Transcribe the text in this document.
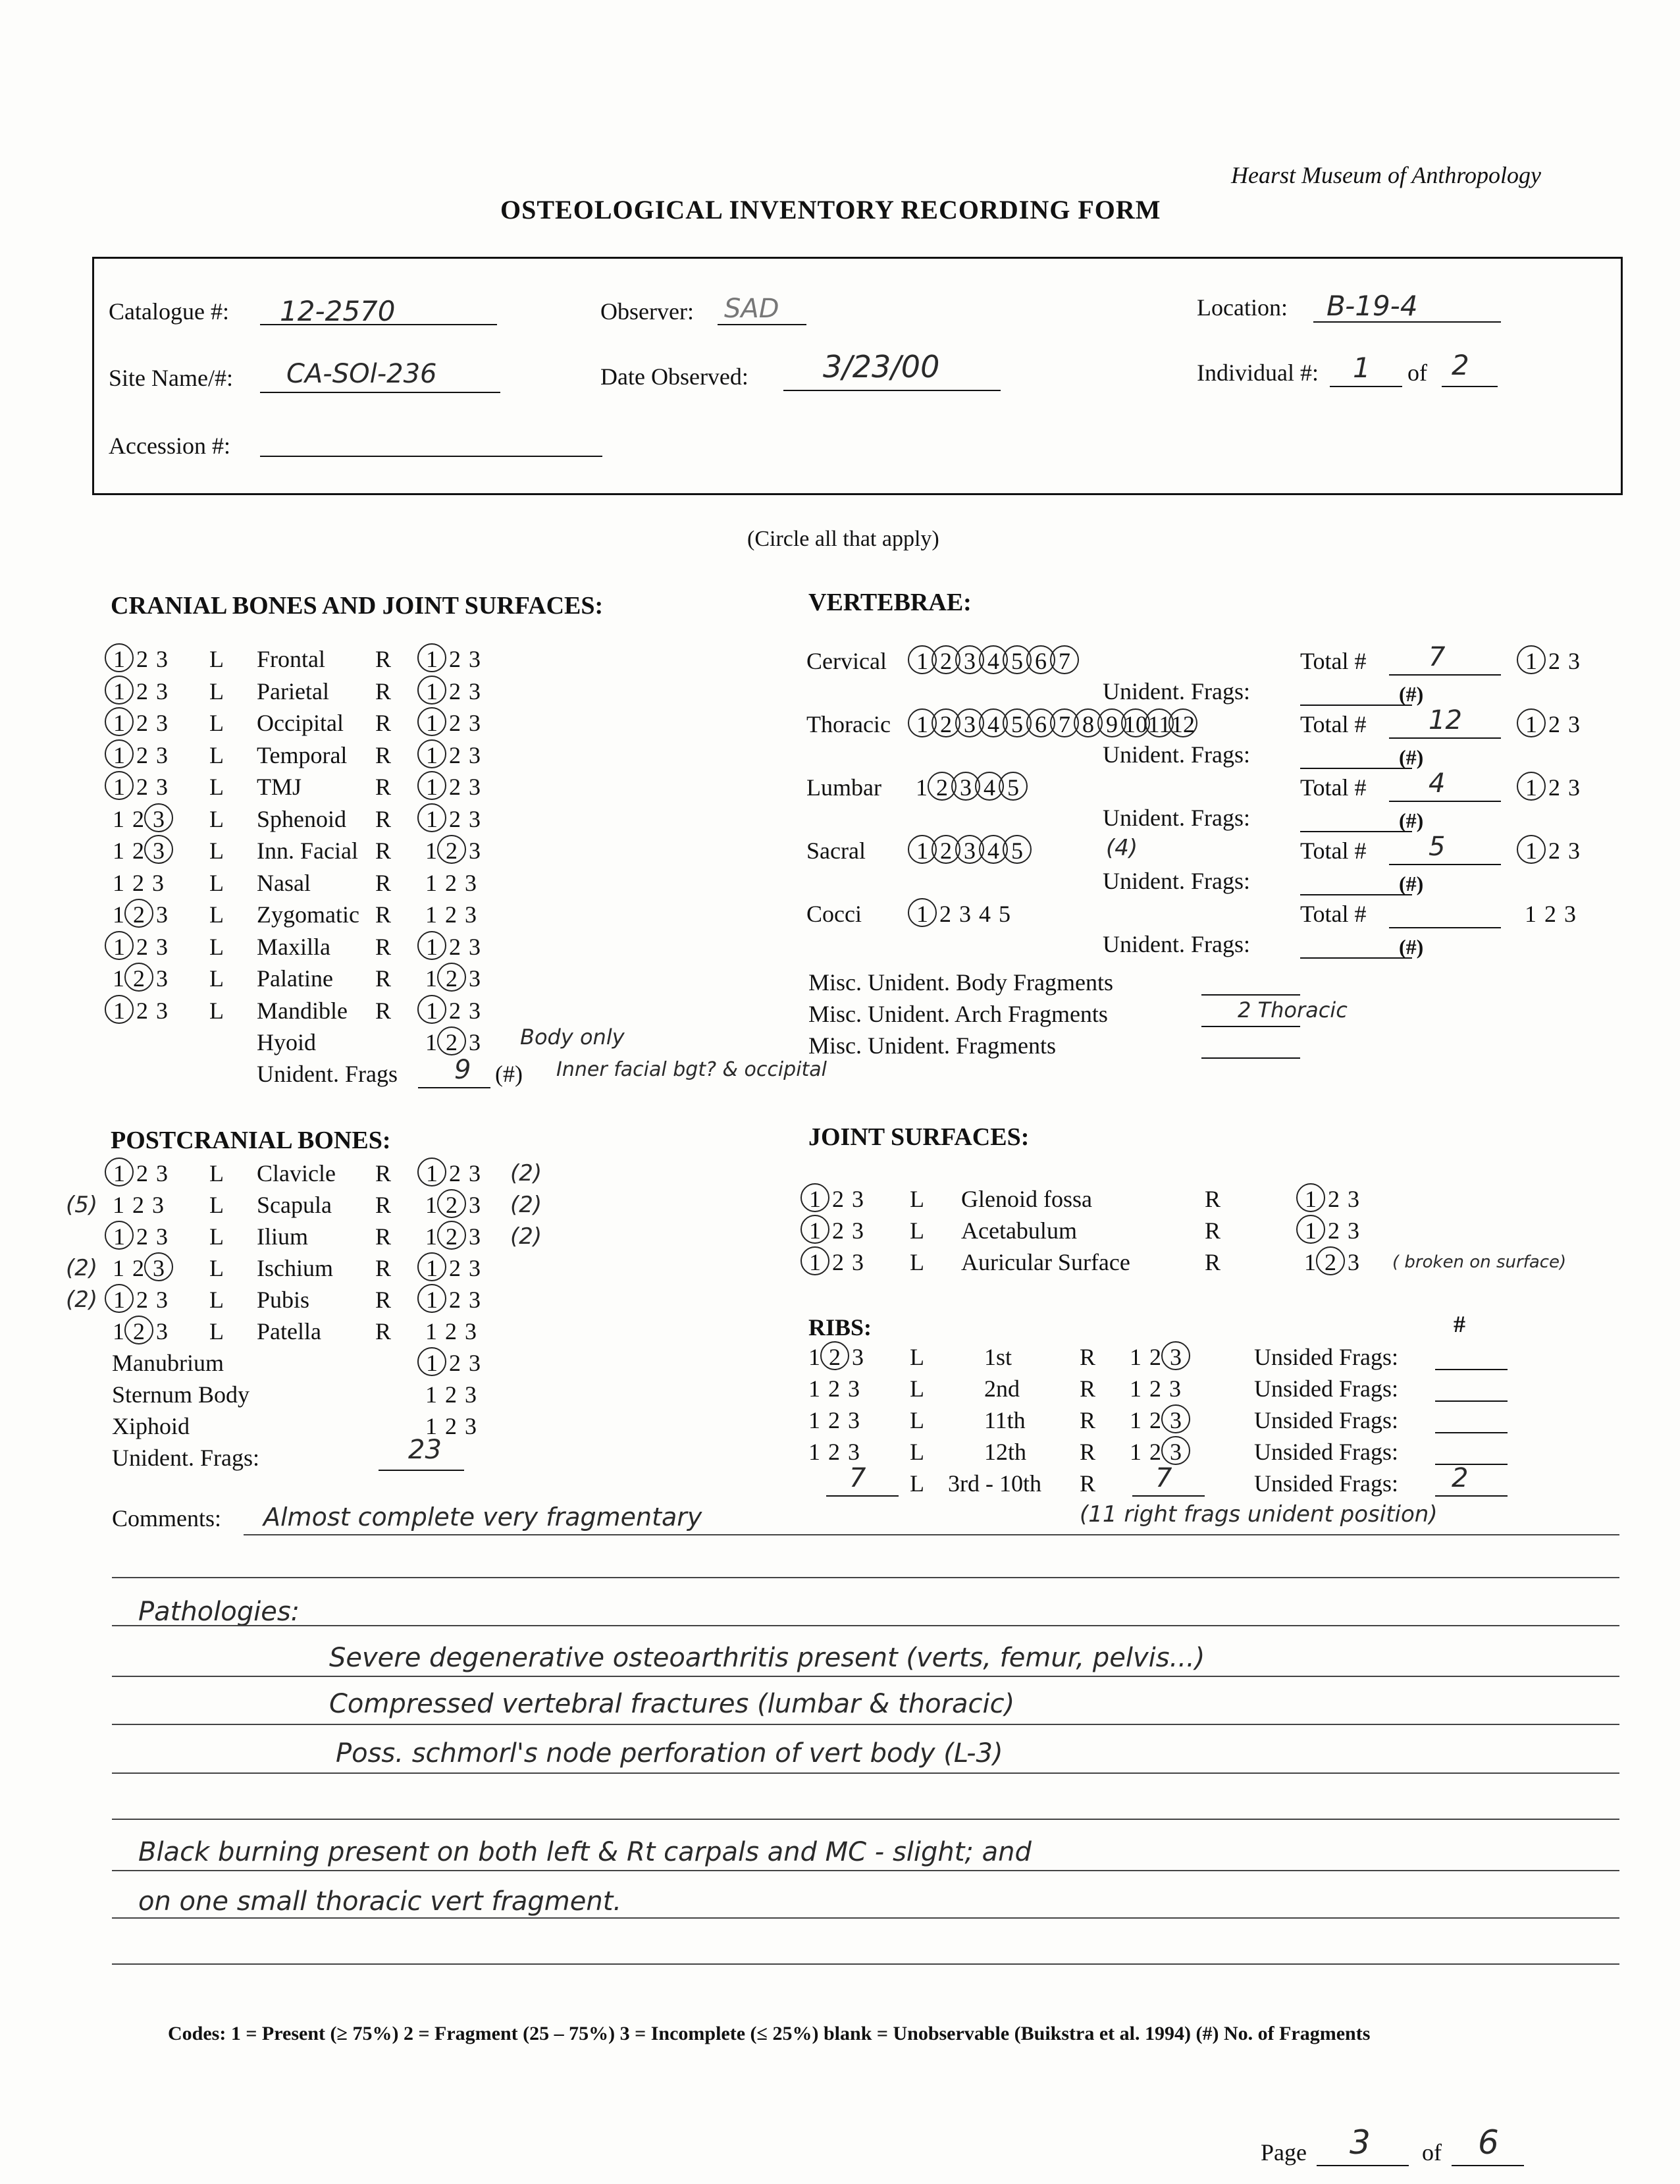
Hearst Museum of Anthropology
OSTEOLOGICAL INVENTORY RECORDING FORM
Catalogue #: 12-2570	Observer: SAD	Location: B-19-4
Site Name/#: CA-SOl-236	Date Observed: 3/23/00	Individual #: 1 of 2
Accession #:
(Circle all that apply)
CRANIAL BONES AND JOINT SURFACES:	VERTEBRAE:
POSTCRANIAL BONES:	JOINT SURFACES:
RIBS:	#
1 2 3 L Frontal R 1 2 3
1 2 3 L Parietal R 1 2 3
1 2 3 L Occipital R 1 2 3
1 2 3 L Temporal R 1 2 3
1 2 3 L TMJ	R 1 2 3
1 2 3	L Sphenoid R 1 2 3
1 2 3	L Inn. Facial R 1 2 3
1 2 3 L Nasal	R 1 2 3
1 2 3 L Zygomatic R 1 2 3
1 2 3 L Maxilla R 1 2 3
1 2 3 L Palatine R 1 2 3
1 2 3 L Mandible R 1 2 3
Hyoid	1 2 3 Body only
Unident. Frags 9 (#) Inner facial bgt? & occipital
Cervical 1 2 3 4 5 6 7	Total # 7	1 2 3
Unident. Frags:	(#)
Thoracic 1 2 3 4 5 6 7 8 9 101112	Total # 12	1 2 3
Unident. Frags:	(#)
Lumbar 1 2 3 4 5	Total # 4	1 2 3
Unident. Frags:	(#)
Sacral 1 2 3 4 5	(4)	Total # 5	1 2 3
Unident. Frags:	(#)
Cocci 1 2 3 4 5	Total #	1 2 3
Unident. Frags:	(#)
Misc. Unident. Body Fragments
Misc. Unident. Arch Fragments	2 Thoracic
Misc. Unident. Fragments
1 2 3 L Clavicle R 1 2 3 (2)
(5) 1 2 3 L Scapula R 1 2 3 (2)
1 2 3 L Ilium	R 1 2 3 (2)
(2) 1 2 3	L Ischium R 1 2 3
(2) 1 2 3 L Pubis	R 1 2 3
1 2 3 L Patella R 1 2 3
Manubrium	1 2 3
Sternum Body	1 2 3
Xiphoid	1 2 3
Unident. Frags:	23
1 2 3 L Glenoid fossa	R	1 2 3
1 2 3 L Acetabulum	R	1 2 3
1 2 3 L Auricular Surface	R	1 2 3 ( broken on surface)
1 2 3 L	1st	R 1 2 3	Unsided Frags:
1 2 3 L	2nd	R 1 2 3	Unsided Frags:
1 2 3 L	11th R 1 2 3	Unsided Frags:
1 2 3 L	12th R 1 2 3	Unsided Frags:
7 L 3rd - 10th R 7	Unsided Frags: 2
Comments: Almost complete very fragmentary	(11 right frags unident position)
Pathologies:
Severe degenerative osteoarthritis present (verts, femur, pelvis...)
Compressed vertebral fractures (lumbar & thoracic)
Poss. schmorl's node perforation of vert body (L-3)
Black burning present on both left & Rt carpals and MC - slight; and
on one small thoracic vert fragment.
Codes: 1 = Present (≥ 75%) 2 = Fragment (25 – 75%) 3 = Incomplete (≤ 25%) blank = Unobservable (Buikstra et al. 1994) (#) No. of Fragments
Page 3 of 6
